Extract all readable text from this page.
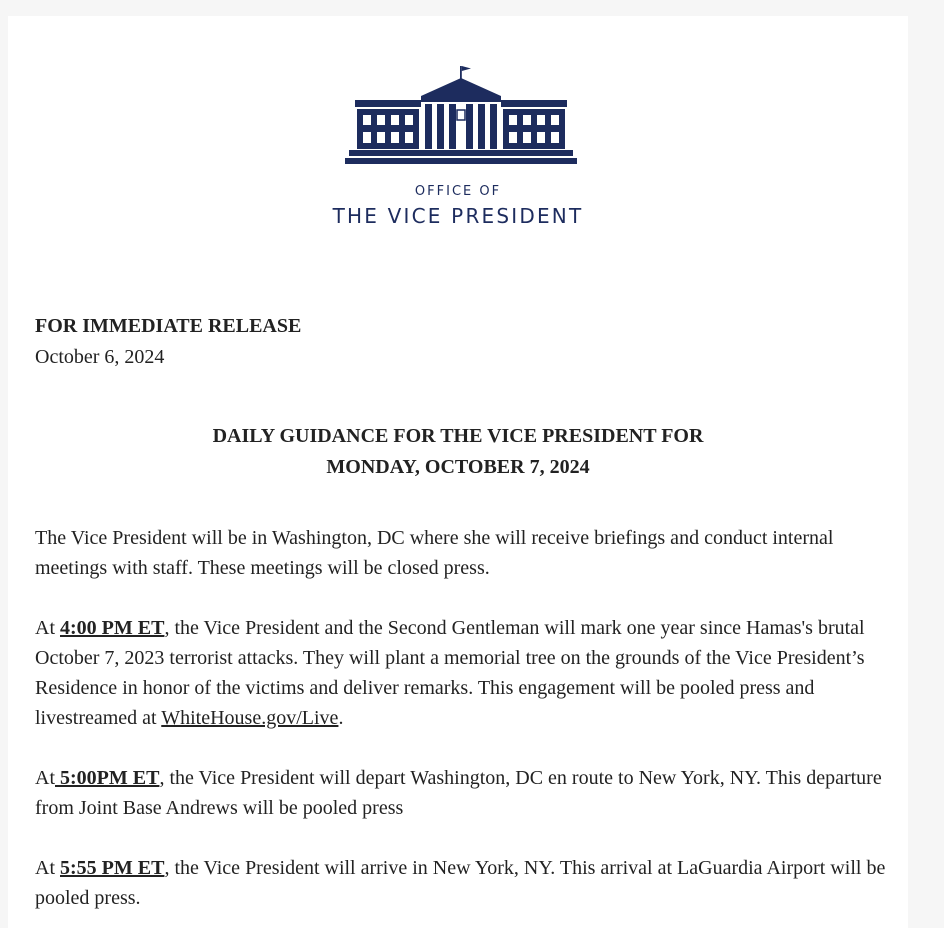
OFFICE OF
THE VICE PRESIDENT
FOR IMMEDIATE RELEASE
October 6, 2024
DAILY GUIDANCE FOR THE VICE PRESIDENT FOR
MONDAY, OCTOBER 7, 2024

The Vice President will be in Washington, DC where she will receive briefings and conduct internal meetings with staff. These meetings will be closed press.

At 4:00 PM ET, the Vice President and the Second Gentleman will mark one year since Hamas's brutal October 7, 2023 terrorist attacks. They will plant a memorial tree on the grounds of the Vice President’s Residence in honor of the victims and deliver remarks. This engagement will be pooled press and livestreamed at WhiteHouse.gov/Live.

At 5:00PM ET, the Vice President will depart Washington, DC en route to New York, NY. This departure from Joint Base Andrews will be pooled press

At 5:55 PM ET, the Vice President will arrive in New York, NY. This arrival at LaGuardia Airport will be pooled press.
